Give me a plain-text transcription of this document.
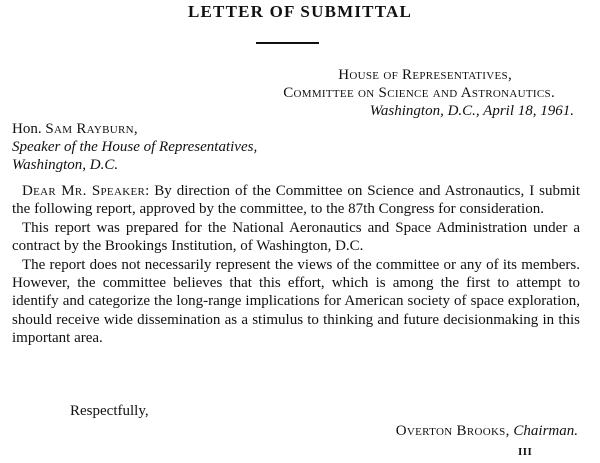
LETTER OF SUBMITTAL
House of Representatives,
Committee on Science and Astronautics.
Washington, D.C., April 18, 1961.
Hon. Sam Rayburn,
Speaker of the House of Representatives,
Washington, D.C.

Dear Mr. Speaker: By direction of the Committee on Science and Astronautics, I submit the following report, approved by the committee, to the 87th Congress for consideration.

This report was prepared for the National Aeronautics and Space Administration under a contract by the Brookings Institution, of Washington, D.C.

The report does not necessarily represent the views of the committee or any of its members. However, the committee believes that this effort, which is among the first to attempt to identify and categorize the long-range implications for American society of space exploration, should receive wide dissemination as a stimulus to thinking and future decisionmaking in this important area.

Respectfully,
Overton Brooks, Chairman.
III
